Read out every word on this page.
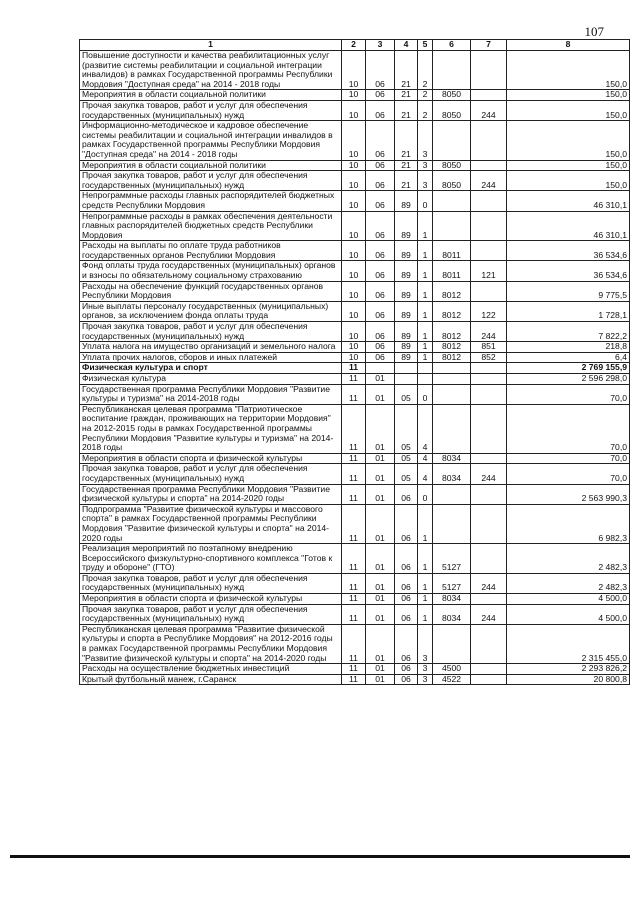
107
1	2	3	4	5	6	7	8
Повышение доступности и качества реабилитационных услуг (развитие системы реабилитации и социальной интеграции инвалидов) в рамках Государственной программы Республики Мордовия "Доступная среда" на 2014 - 2018 годы	10	06	21	2			150,0
Мероприятия в области социальной политики	10	06	21	2	8050		150,0
Прочая закупка товаров, работ и услуг для обеспечения государственных (муниципальных) нужд	10	06	21	2	8050	244	150,0
Информационно-методическое и кадровое обеспечение системы реабилитации и социальной интеграции инвалидов в рамках Государственной программы Республики Мордовия "Доступная среда" на 2014 - 2018 годы	10	06	21	3			150,0
Мероприятия в области социальной политики	10	06	21	3	8050		150,0
Прочая закупка товаров, работ и услуг для обеспечения государственных (муниципальных) нужд	10	06	21	3	8050	244	150,0
Непрограммные расходы главных распорядителей бюджетных средств Республики Мордовия	10	06	89	0			46 310,1
Непрограммные расходы в рамках обеспечения деятельности главных распорядителей бюджетных средств Республики Мордовия	10	06	89	1			46 310,1
Расходы на выплаты по оплате труда работников государственных органов Республики Мордовия	10	06	89	1	8011		36 534,6
Фонд оплаты труда государственных (муниципальных) органов и взносы по обязательному социальному страхованию	10	06	89	1	8011	121	36 534,6
Расходы на обеспечение функций государственных органов Республики Мордовия	10	06	89	1	8012		9 775,5
Иные выплаты персоналу государственных (муниципальных) органов, за исключением фонда оплаты труда	10	06	89	1	8012	122	1 728,1
Прочая закупка товаров, работ и услуг для обеспечения государственных (муниципальных) нужд	10	06	89	1	8012	244	7 822,2
Уплата налога на имущество организаций и земельного налога	10	06	89	1	8012	851	218,8
Уплата прочих налогов, сборов и иных платежей	10	06	89	1	8012	852	6,4
Физическая культура и спорт	11						2 769 155,9
Физическая культура	11	01					2 596 298,0
Государственная программа Республики Мордовия "Развитие культуры и туризма" на 2014-2018 годы	11	01	05	0			70,0
Республиканская целевая программа "Патриотическое воспитание граждан, проживающих на территории Мордовия" на 2012-2015 годы в рамках Государственной программы Республики Мордовия "Развитие культуры и туризма" на 2014-2018 годы	11	01	05	4			70,0
Мероприятия в области спорта и физической культуры	11	01	05	4	8034		70,0
Прочая закупка товаров, работ и услуг для обеспечения государственных (муниципальных) нужд	11	01	05	4	8034	244	70,0
Государственная программа Республики Мордовия "Развитие физической культуры и спорта" на 2014-2020 годы	11	01	06	0			2 563 990,3
Подпрограмма "Развитие физической культуры и массового спорта" в рамках Государственной программы Республики Мордовия "Развитие физической культуры и спорта" на 2014-2020 годы	11	01	06	1			6 982,3
Реализация мероприятий по поэтапному внедрению Всероссийского физкультурно-спортивного комплекса "Готов к труду и обороне" (ГТО)	11	01	06	1	5127		2 482,3
Прочая закупка товаров, работ и услуг для обеспечения государственных (муниципальных) нужд	11	01	06	1	5127	244	2 482,3
Мероприятия в области спорта и физической культуры	11	01	06	1	8034		4 500,0
Прочая закупка товаров, работ и услуг для обеспечения государственных (муниципальных) нужд	11	01	06	1	8034	244	4 500,0
Республиканская целевая программа "Развитие физической культуры и спорта в Республике Мордовия" на 2012-2016 годы в рамках Государственной программы Республики Мордовия "Развитие физической культуры и спорта" на 2014-2020 годы	11	01	06	3			2 315 455,0
Расходы на осуществление бюджетных инвестиций	11	01	06	3	4500		2 293 826,2
Крытый футбольный манеж, г.Саранск	11	01	06	3	4522		20 800,8
